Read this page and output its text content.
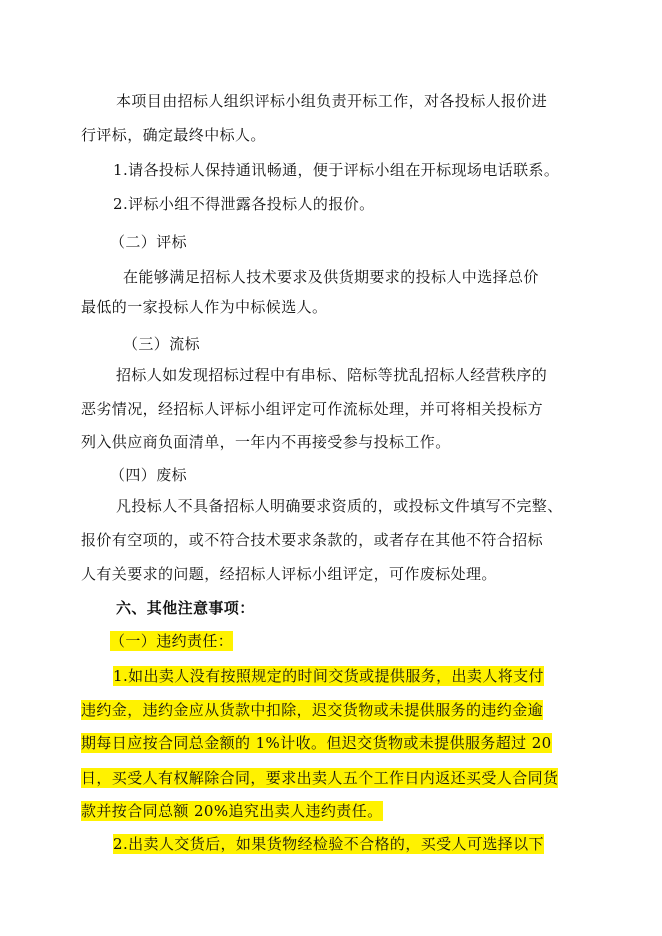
本项目由招标人组织评标小组负责开标工作，对各投标人报价进
行评标，确定最终中标人。
1.请各投标人保持通讯畅通，便于评标小组在开标现场电话联系。
2.评标小组不得泄露各投标人的报价。
（二）评标
在能够满足招标人技术要求及供货期要求的投标人中选择总价
最低的一家投标人作为中标候选人。
（三）流标
招标人如发现招标过程中有串标、陪标等扰乱招标人经营秩序的
恶劣情况，经招标人评标小组评定可作流标处理，并可将相关投标方
列入供应商负面清单，一年内不再接受参与投标工作。
（四）废标
凡投标人不具备招标人明确要求资质的，或投标文件填写不完整、
报价有空项的，或不符合技术要求条款的，或者存在其他不符合招标
人有关要求的问题，经招标人评标小组评定，可作废标处理。
六、其他注意事项：
（一）违约责任：
1.如出卖人没有按照规定的时间交货或提供服务，出卖人将支付
违约金，违约金应从货款中扣除，迟交货物或未提供服务的违约金逾
期每日应按合同总金额的 1%计收。但迟交货物或未提供服务超过 20
日，买受人有权解除合同，要求出卖人五个工作日内返还买受人合同货
款并按合同总额 20%追究出卖人违约责任。
2.出卖人交货后，如果货物经检验不合格的，买受人可选择以下
